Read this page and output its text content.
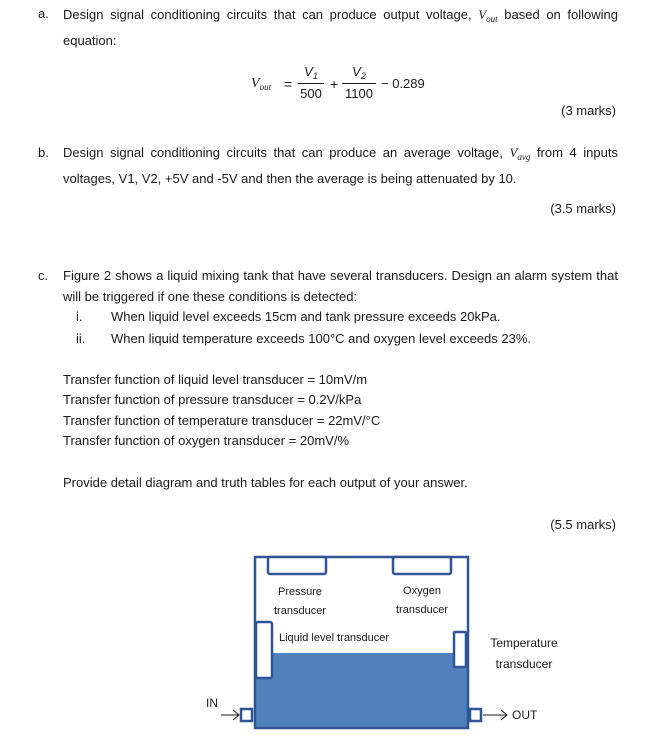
a. Design signal conditioning circuits that can produce output voltage, $V_{out}$ based on following equation:
$V_{out}$ =
$V_1$
500
+
$V_2$
1100
− 0.289
(3 marks)
b. Design signal conditioning circuits that can produce an average voltage, $V_{avg}$ from 4 inputs voltages, V1, V2, +5V and -5V and then the average is being attenuated by 10.
(3.5 marks)
c. Figure 2 shows a liquid mixing tank that have several transducers. Design an alarm system that will be triggered if one these conditions is detected:
i. When liquid level exceeds 15cm and tank pressure exceeds 20kPa.
ii. When liquid temperature exceeds 100°C and oxygen level exceeds 23%.
Transfer function of liquid level transducer = 10mV/m
Transfer function of pressure transducer = 0.2V/kPa
Transfer function of temperature transducer = 22mV/°C
Transfer function of oxygen transducer = 20mV/%
Provide detail diagram and truth tables for each output of your answer.
(5.5 marks)
Pressure
transducer
Oxygen
transducer
Liquid level transducer	Temperature
transducer
IN
OUT
